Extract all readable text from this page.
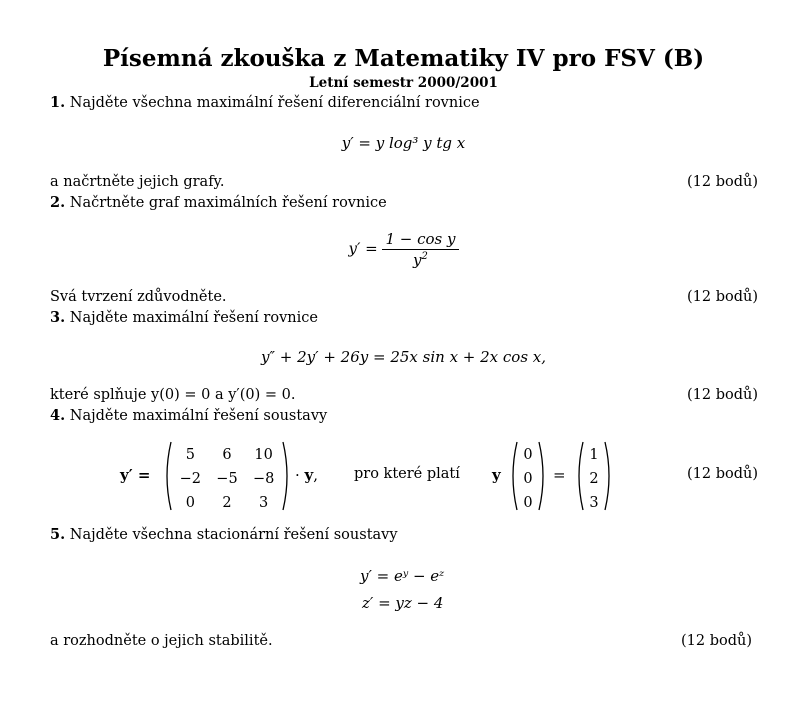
Písemná zkouška z Matematiky IV pro FSV (B)
Letní semestr 2000/2001
1. Najděte všechna maximální řešení diferenciální rovnice
y′ = y log³ y tg x
a načrtněte jejich grafy.	(12 bodů)
2. Načrtněte graf maximálních řešení rovnice
$y' = \frac{\text{1 − cos y}}{y^2}$
Svá tvrzení zdůvodněte.	(12 bodů)
3. Najděte maximální řešení rovnice
y″ + 2y′ + 26y = 25x sin x + 2x cos x,
které splňuje y(0) = 0 a y′(0) = 0.	(12 bodů)
4. Najděte maximální řešení soustavy
y′ =
5	6	10
−2	−5	−8
0	2	3
· y, pro které platí y
0
0
0
=
1
2
3
(12 bodů)
5. Najděte všechna stacionární řešení soustavy
y′ = eʸ − eᶻ
z′ = yz − 4
a rozhodněte o jejich stabilitě.	(12 bodů)
